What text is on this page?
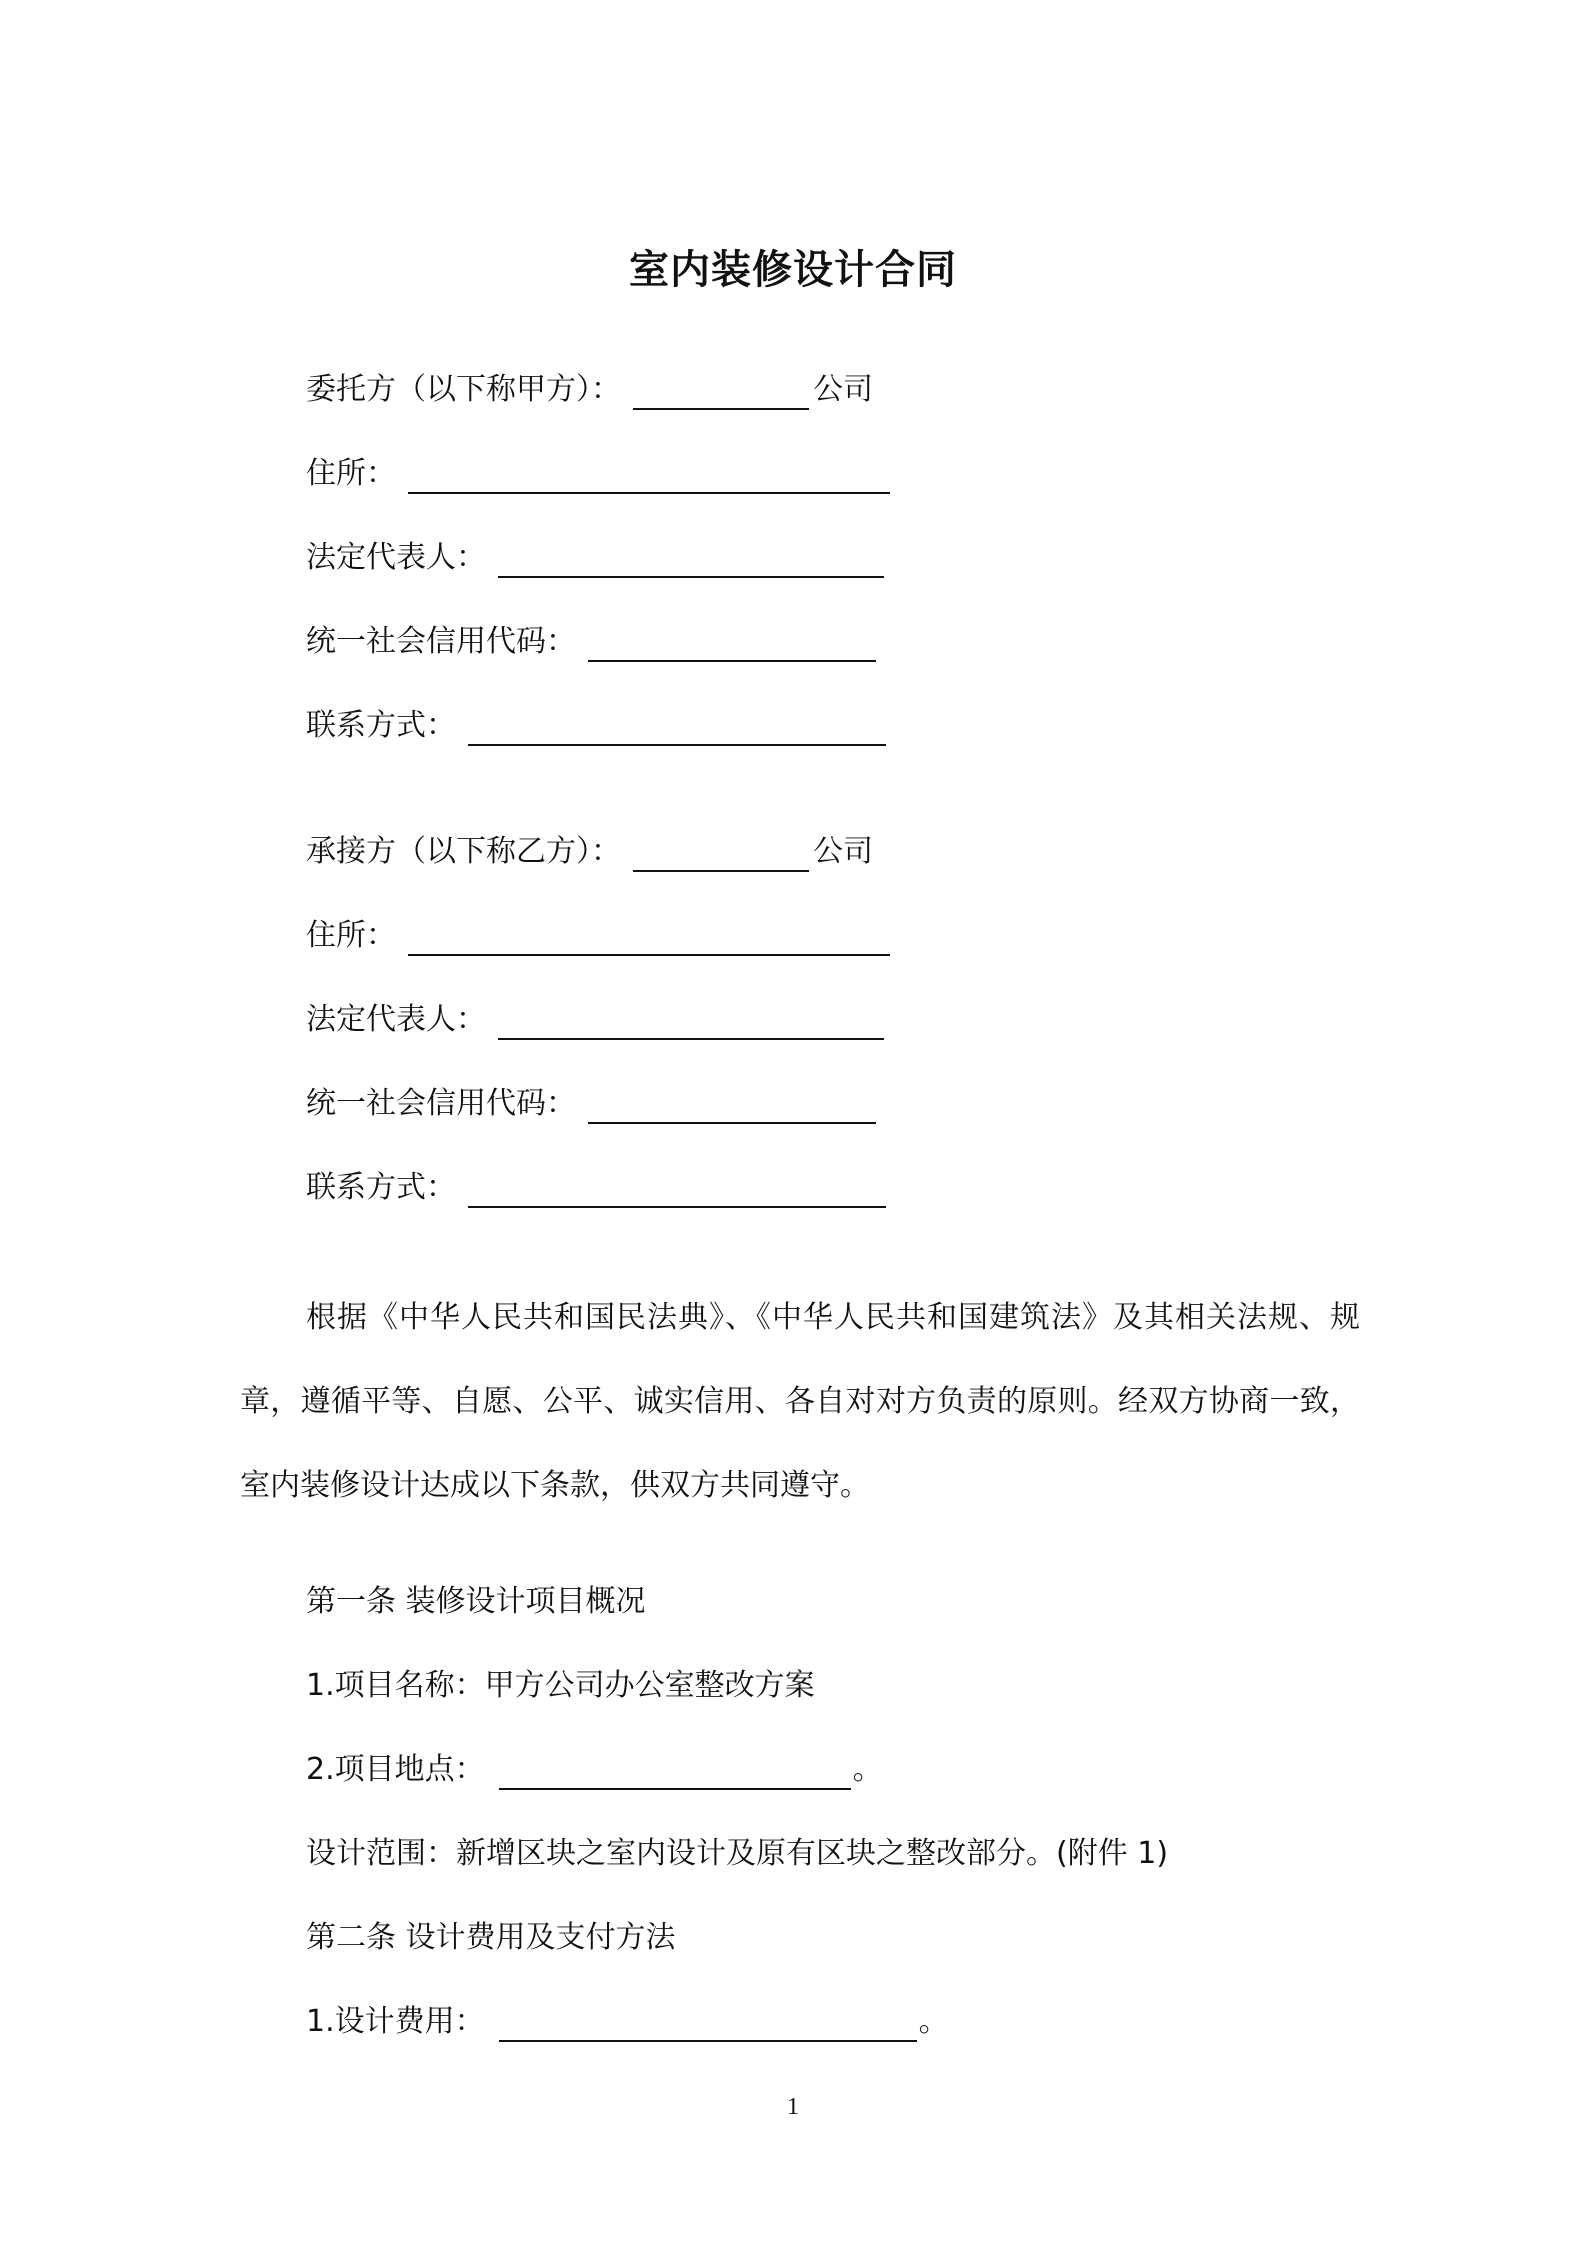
室内装修设计合同
委托方（以下称甲方）：	公司
住所：
法定代表人：
统一社会信用代码：
联系方式：
承接方（以下称乙方）：	公司
住所：
法定代表人：
统一社会信用代码：
联系方式：
根据《中华人民共和国民法典》、《中华人民共和国建筑法》及其相关法规、规章，遵循平等、自愿、公平、诚实信用、各自对对方负责的原则。经双方协商一致，室内装修设计达成以下条款，供双方共同遵守。
第一条 装修设计项目概况
1.项目名称：甲方公司办公室整改方案
2.项目地点：	。
设计范围：新增区块之室内设计及原有区块之整改部分。(附件 1)
第二条 设计费用及支付方法
1.设计费用：	。
1
